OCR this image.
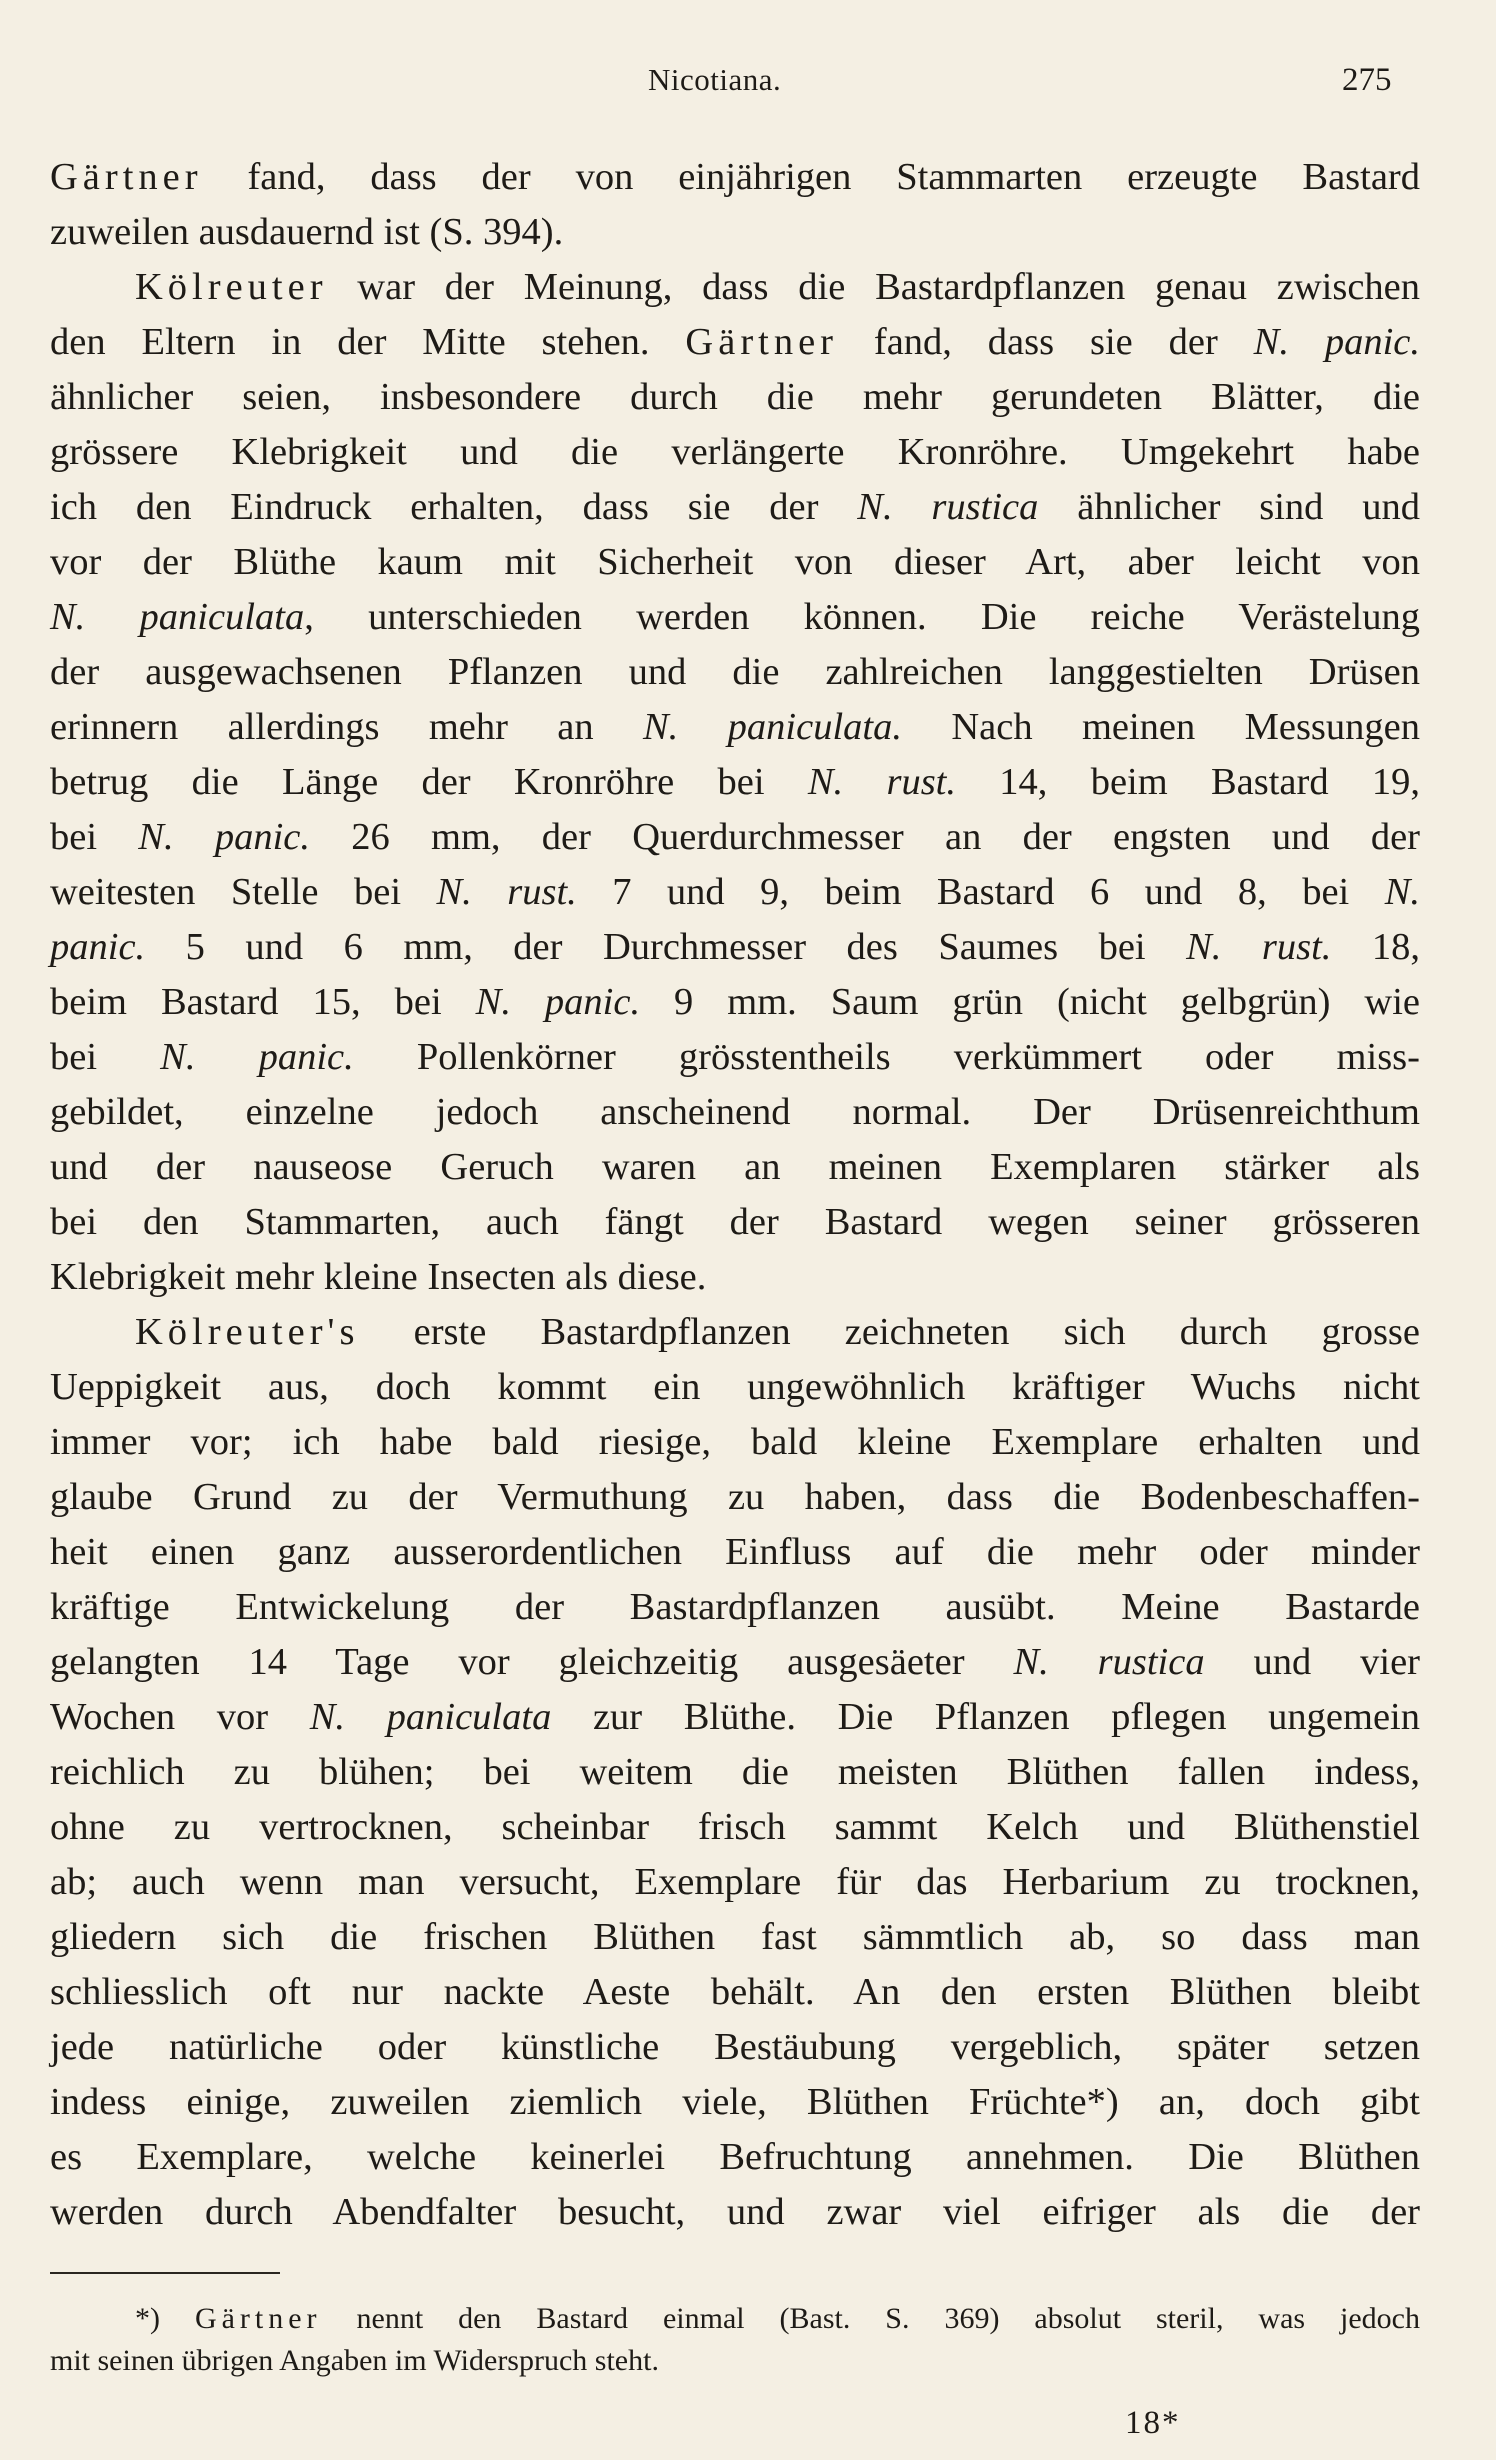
Nicotiana.	275
Gärtner fand, dass der von einjährigen Stammarten erzeugte Bastard
zuweilen ausdauernd ist (S. 394).
Kölreuter war der Meinung, dass die Bastardpflanzen genau zwischen
den Eltern in der Mitte stehen. Gärtner fand, dass sie der N. panic.
ähnlicher seien, insbesondere durch die mehr gerundeten Blätter, die
grössere Klebrigkeit und die verlängerte Kronröhre. Umgekehrt habe
ich den Eindruck erhalten, dass sie der N. rustica ähnlicher sind und
vor der Blüthe kaum mit Sicherheit von dieser Art, aber leicht von
N. paniculata, unterschieden werden können. Die reiche Verästelung
der ausgewachsenen Pflanzen und die zahlreichen langgestielten Drüsen
erinnern allerdings mehr an N. paniculata. Nach meinen Messungen
betrug die Länge der Kronröhre bei N. rust. 14, beim Bastard 19,
bei N. panic. 26 mm, der Querdurchmesser an der engsten und der
weitesten Stelle bei N. rust. 7 und 9, beim Bastard 6 und 8, bei N.
panic. 5 und 6 mm, der Durchmesser des Saumes bei N. rust. 18,
beim Bastard 15, bei N. panic. 9 mm. Saum grün (nicht gelbgrün) wie
bei N. panic. Pollenkörner grösstentheils verkümmert oder miss-
gebildet, einzelne jedoch anscheinend normal. Der Drüsenreichthum
und der nauseose Geruch waren an meinen Exemplaren stärker als
bei den Stammarten, auch fängt der Bastard wegen seiner grösseren
Klebrigkeit mehr kleine Insecten als diese.
Kölreuter's erste Bastardpflanzen zeichneten sich durch grosse
Ueppigkeit aus, doch kommt ein ungewöhnlich kräftiger Wuchs nicht
immer vor; ich habe bald riesige, bald kleine Exemplare erhalten und
glaube Grund zu der Vermuthung zu haben, dass die Bodenbeschaffen-
heit einen ganz ausserordentlichen Einfluss auf die mehr oder minder
kräftige Entwickelung der Bastardpflanzen ausübt. Meine Bastarde
gelangten 14 Tage vor gleichzeitig ausgesäeter N. rustica und vier
Wochen vor N. paniculata zur Blüthe. Die Pflanzen pflegen ungemein
reichlich zu blühen; bei weitem die meisten Blüthen fallen indess,
ohne zu vertrocknen, scheinbar frisch sammt Kelch und Blüthenstiel
ab; auch wenn man versucht, Exemplare für das Herbarium zu trocknen,
gliedern sich die frischen Blüthen fast sämmtlich ab, so dass man
schliesslich oft nur nackte Aeste behält. An den ersten Blüthen bleibt
jede natürliche oder künstliche Bestäubung vergeblich, später setzen
indess einige, zuweilen ziemlich viele, Blüthen Früchte*) an, doch gibt
es Exemplare, welche keinerlei Befruchtung annehmen. Die Blüthen
werden durch Abendfalter besucht, und zwar viel eifriger als die der
*) Gärtner nennt den Bastard einmal (Bast. S. 369) absolut steril, was jedoch
mit seinen übrigen Angaben im Widerspruch steht.
18*
